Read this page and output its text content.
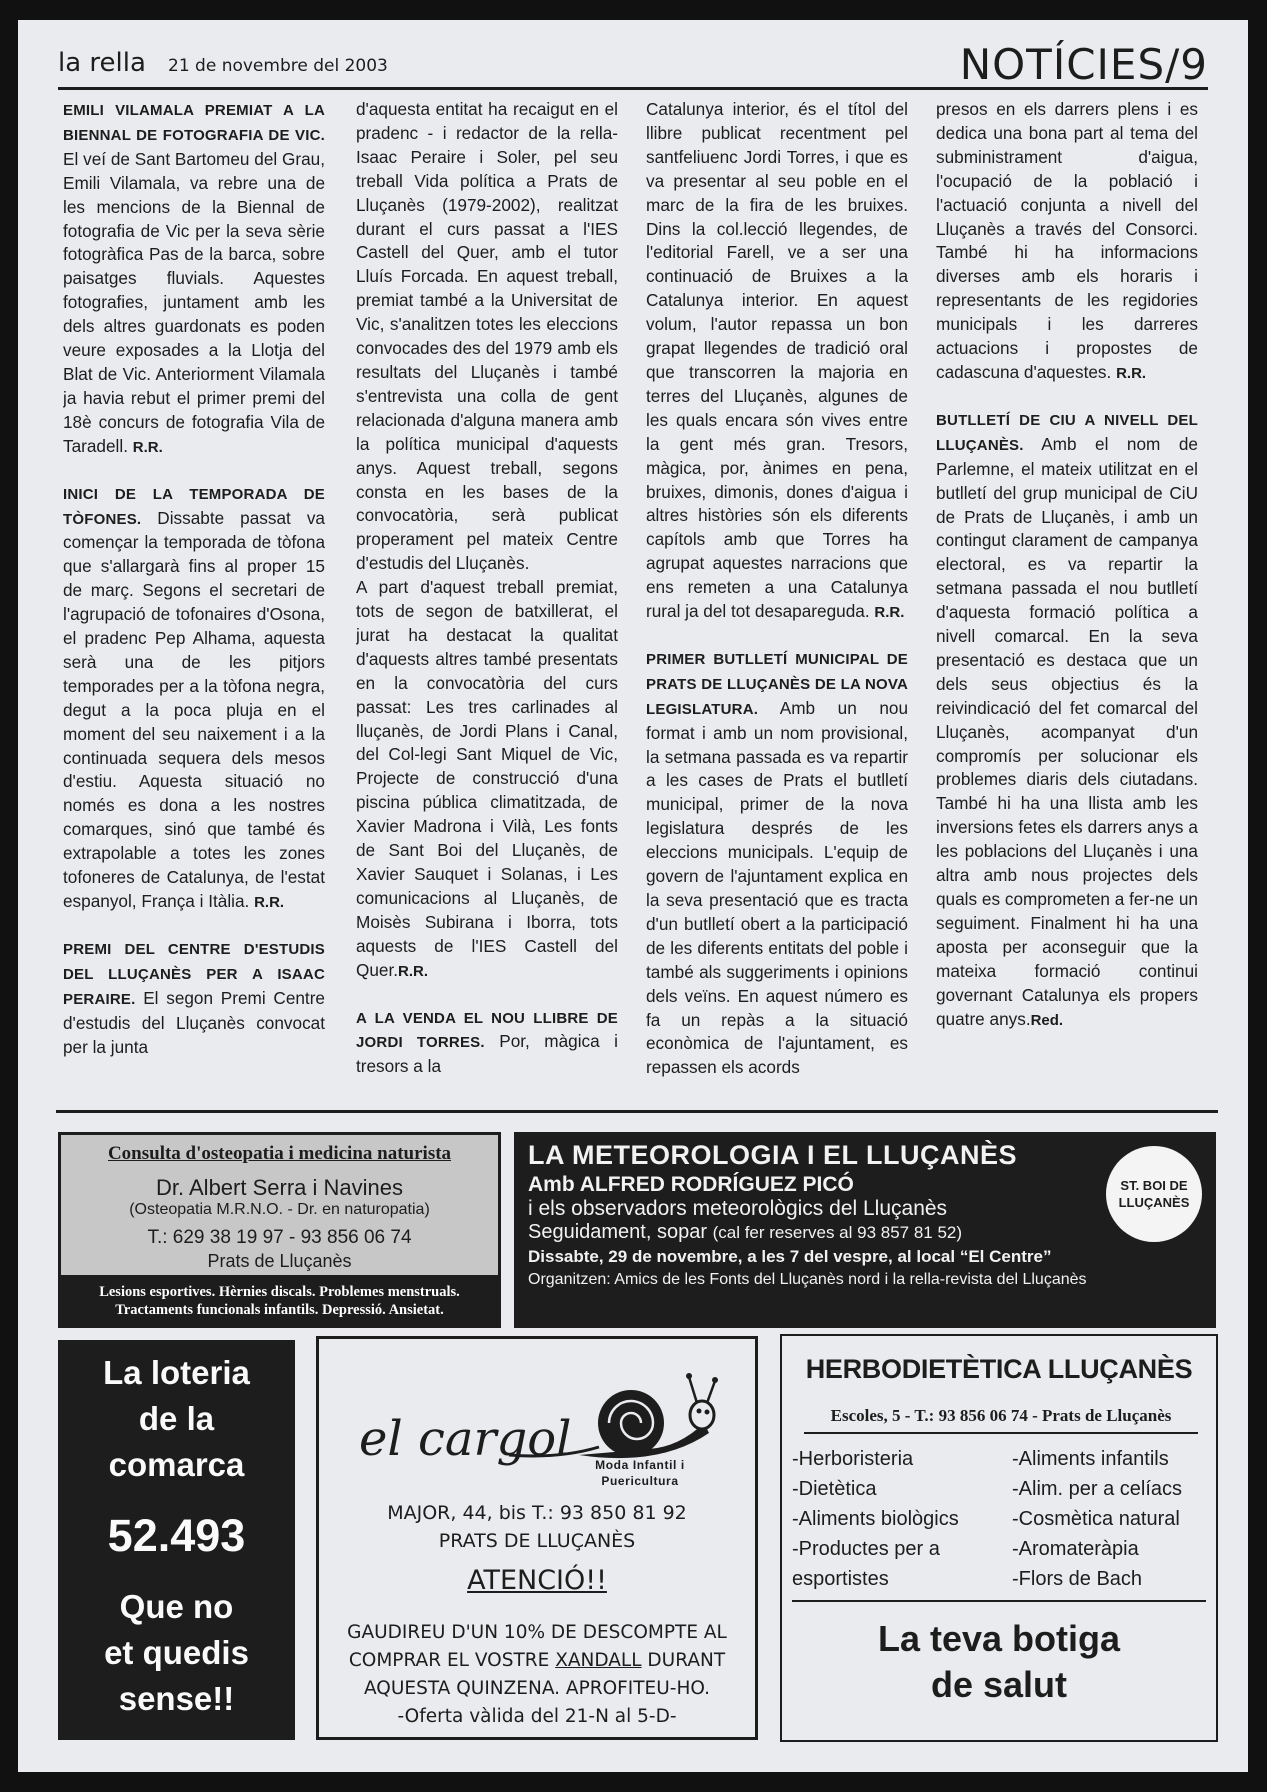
la rella 21 de novembre del 2003	NOTÍCIES/9

EMILI VILAMALA PREMIAT A LA BIENNAL DE FOTOGRAFIA DE VIC. El veí de Sant Bartomeu del Grau, Emili Vilamala, va rebre una de les mencions de la Biennal de fotografia de Vic per la seva sèrie fotogràfica Pas de la barca, sobre paisatges fluvials. Aquestes fotografies, juntament amb les dels altres guardonats es poden veure exposades a la Llotja del Blat de Vic. Anteriorment Vilamala ja havia rebut el primer premi del 18è concurs de fotografia Vila de Taradell. R.R.

INICI DE LA TEMPORADA DE TÒFONES. Dissabte passat va començar la temporada de tòfona que s'allargarà fins al proper 15 de març. Segons el secretari de l'agrupació de tofonaires d'Osona, el pradenc Pep Alhama, aquesta serà una de les pitjors temporades per a la tòfona negra, degut a la poca pluja en el moment del seu naixement i a la continuada sequera dels mesos d'estiu. Aquesta situació no només es dona a les nostres comarques, sinó que també és extrapolable a totes les zones tofoneres de Catalunya, de l'estat espanyol, França i Itàlia. R.R.

PREMI DEL CENTRE D'ESTUDIS DEL LLUÇANÈS PER A ISAAC PERAIRE. El segon Premi Centre d'estudis del Lluçanès convocat per la junta

d'aquesta entitat ha recaigut en el pradenc - i redactor de la rella- Isaac Peraire i Soler, pel seu treball Vida política a Prats de Lluçanès (1979-2002), realitzat durant el curs passat a l'IES Castell del Quer, amb el tutor Lluís Forcada. En aquest treball, premiat també a la Universitat de Vic, s'analitzen totes les eleccions convocades des del 1979 amb els resultats del Lluçanès i també s'entrevista una colla de gent relacionada d'alguna manera amb la política municipal d'aquests anys. Aquest treball, segons consta en les bases de la convocatòria, serà publicat properament pel mateix Centre d'estudis del Lluçanès.

A part d'aquest treball premiat, tots de segon de batxillerat, el jurat ha destacat la qualitat d'aquests altres també presentats en la convocatòria del curs passat: Les tres carlinades al lluçanès, de Jordi Plans i Canal, del Col-legi Sant Miquel de Vic, Projecte de construcció d'una piscina pública climatitzada, de Xavier Madrona i Vilà, Les fonts de Sant Boi del Lluçanès, de Xavier Sauquet i Solanas, i Les comunicacions al Lluçanès, de Moisès Subirana i Iborra, tots aquests de l'IES Castell del Quer.R.R.

A LA VENDA EL NOU LLIBRE DE JORDI TORRES. Por, màgica i tresors a la

Catalunya interior, és el títol del llibre publicat recentment pel santfeliuenc Jordi Torres, i que es va presentar al seu poble en el marc de la fira de les bruixes. Dins la col.lecció llegendes, de l'editorial Farell, ve a ser una continuació de Bruixes a la Catalunya interior. En aquest volum, l'autor repassa un bon grapat llegendes de tradició oral que transcorren la majoria en terres del Lluçanès, algunes de les quals encara són vives entre la gent més gran. Tresors, màgica, por, ànimes en pena, bruixes, dimonis, dones d'aigua i altres històries són els diferents capítols amb que Torres ha agrupat aquestes narracions que ens remeten a una Catalunya rural ja del tot desapareguda. R.R.

PRIMER BUTLLETÍ MUNICIPAL DE PRATS DE LLUÇANÈS DE LA NOVA LEGISLATURA. Amb un nou format i amb un nom provisional, la setmana passada es va repartir a les cases de Prats el butlletí municipal, primer de la nova legislatura després de les eleccions municipals. L'equip de govern de l'ajuntament explica en la seva presentació que es tracta d'un butlletí obert a la participació de les diferents entitats del poble i també als suggeriments i opinions dels veïns. En aquest número es fa un repàs a la situació econòmica de l'ajuntament, es repassen els acords

presos en els darrers plens i es dedica una bona part al tema del subministrament d'aigua, l'ocupació de la població i l'actuació conjunta a nivell del Lluçanès a través del Consorci. També hi ha informacions diverses amb els horaris i representants de les regidories municipals i les darreres actuacions i propostes de cadascuna d'aquestes. R.R.

BUTLLETÍ DE CIU A NIVELL DEL LLUÇANÈS. Amb el nom de Parlemne, el mateix utilitzat en el butlletí del grup municipal de CiU de Prats de Lluçanès, i amb un contingut clarament de campanya electoral, es va repartir la setmana passada el nou butlletí d'aquesta formació política a nivell comarcal. En la seva presentació es destaca que un dels seus objectius és la reivindicació del fet comarcal del Lluçanès, acompanyat d'un compromís per solucionar els problemes diaris dels ciutadans. També hi ha una llista amb les inversions fetes els darrers anys a les poblacions del Lluçanès i una altra amb nous projectes dels quals es comprometen a fer-ne un seguiment. Finalment hi ha una aposta per aconseguir que la mateixa formació continui governant Catalunya els propers quatre anys.Red.

Consulta d'osteopatia i medicina naturista
Dr. Albert Serra i Navines
(Osteopatia M.R.N.O. - Dr. en naturopatia)
T.: 629 38 19 97 - 93 856 06 74
Prats de Lluçanès
Lesions esportives. Hèrnies discals. Problemes menstruals.
Tractaments funcionals infantils. Depressió. Ansietat.
LA METEOROLOGIA I EL LLUÇANÈS
Amb ALFRED RODRÍGUEZ PICÓ
i els observadors meteorològics del Lluçanès
Seguidament, sopar (cal fer reserves al 93 857 81 52)
Dissabte, 29 de novembre, a les 7 del vespre, al local “El Centre”
Organitzen: Amics de les Fonts del Lluçanès nord i la rella-revista del Lluçanès
ST. BOI DE
LLUÇANÈS
La loteria
de la
comarca
52.493
Que no
et quedis
sense!!
el cargol	Moda Infantil i
Puericultura
MAJOR, 44, bis T.: 93 850 81 92
PRATS DE LLUÇANÈS
ATENCIÓ!!
GAUDIREU D'UN 10% DE DESCOMPTE AL
COMPRAR EL VOSTRE XANDALL DURANT
AQUESTA QUINZENA. APROFITEU-HO.
-Oferta vàlida del 21-N al 5-D-
HERBODIETÈTICA LLUÇANÈS
Escoles, 5 - T.: 93 856 06 74 - Prats de Lluçanès
-Herboristeria
-Dietètica
-Aliments biològics
-Productes per a
esportistes
-Aliments infantils
-Alim. per a celíacs
-Cosmètica natural
-Aromateràpia
-Flors de Bach
La teva botiga
de salut
